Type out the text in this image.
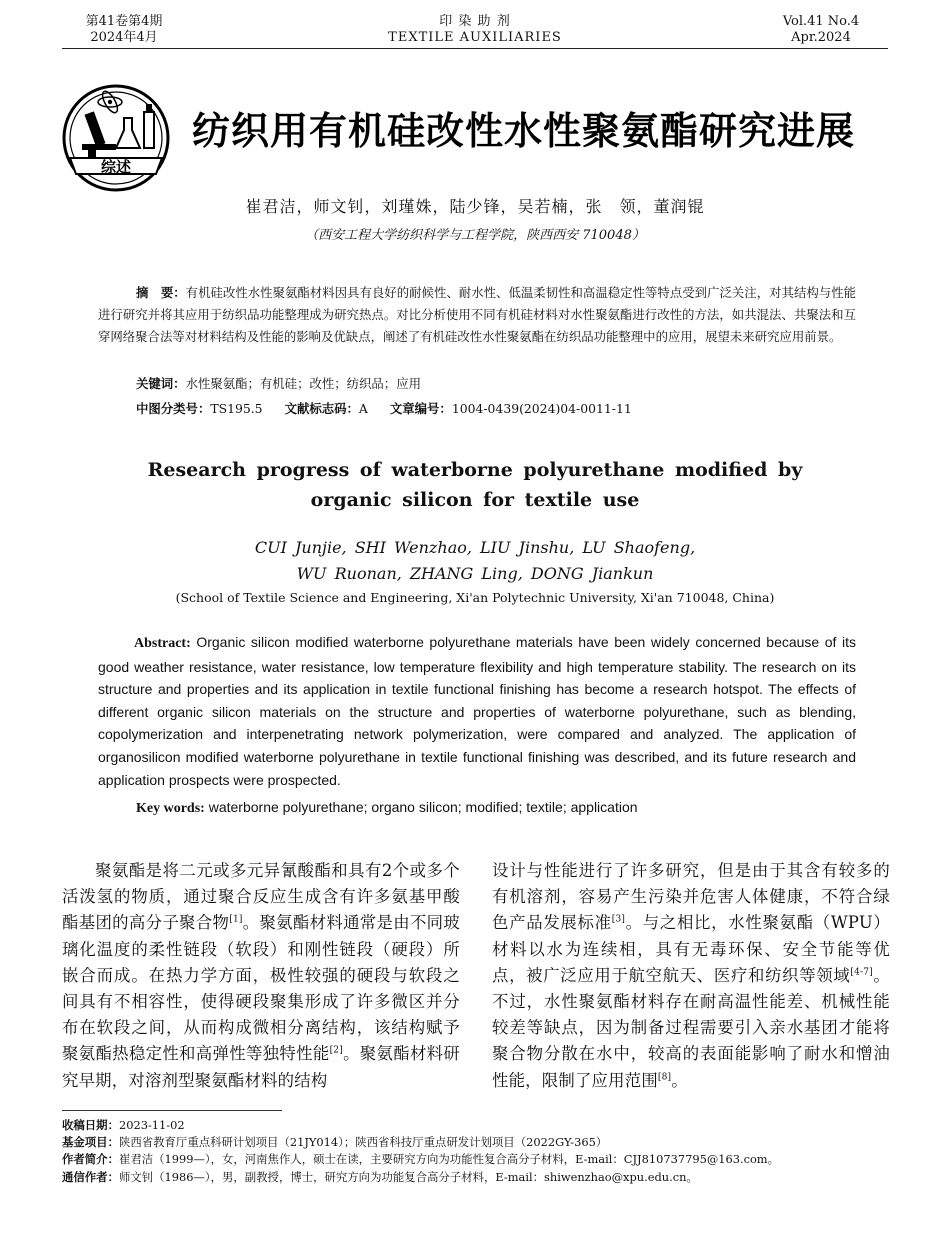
第41卷第4期
2024年4月
印 染 助 剂
TEXTILE AUXILIARIES
Vol.41 No.4
Apr.2024
综述
纺织用有机硅改性水性聚氨酯研究进展
崔君洁，师文钊，刘瑾姝，陆少锋，吴若楠，张　领，董润锟
（西安工程大学纺织科学与工程学院，陕西西安 710048）
摘　要：有机硅改性水性聚氨酯材料因具有良好的耐候性、耐水性、低温柔韧性和高温稳定性等特点受到广泛关注，对其结构与性能进行研究并将其应用于纺织品功能整理成为研究热点。对比分析使用不同有机硅材料对水性聚氨酯进行改性的方法，如共混法、共聚法和互穿网络聚合法等对材料结构及性能的影响及优缺点，阐述了有机硅改性水性聚氨酯在纺织品功能整理中的应用，展望未来研究应用前景。
关键词：水性聚氨酯；有机硅；改性；纺织品；应用
中图分类号：TS195.5 文献标志码：A 文章编号：1004-0439(2024)04-0011-11
Research progress of waterborne polyurethane modified by
organic silicon for textile use
CUI Junjie, SHI Wenzhao, LIU Jinshu, LU Shaofeng,
WU Ruonan, ZHANG Ling, DONG Jiankun
(School of Textile Science and Engineering, Xi'an Polytechnic University, Xi'an 710048, China)
Abstract: Organic silicon modified waterborne polyurethane materials have been widely concerned because of its good weather resistance, water resistance, low temperature flexibility and high temperature stability. The research on its structure and properties and its application in textile functional finishing has become a research hotspot. The effects of different organic silicon materials on the structure and properties of waterborne polyurethane, such as blending, copolymerization and interpenetrating network polymerization, were compared and analyzed. The application of organosilicon modified waterborne polyurethane in textile functional finishing was described, and its future research and application prospects were prospected.
Key words: waterborne polyurethane; organo silicon; modified; textile; application
聚氨酯是将二元或多元异氰酸酯和具有2个或多个活泼氢的物质，通过聚合反应生成含有许多氨基甲酸酯基团的高分子聚合物[1]。聚氨酯材料通常是由不同玻璃化温度的柔性链段（软段）和刚性链段（硬段）所嵌合而成。在热力学方面，极性较强的硬段与软段之间具有不相容性，使得硬段聚集形成了许多微区并分布在软段之间，从而构成微相分离结构，该结构赋予聚氨酯热稳定性和高弹性等独特性能[2]。聚氨酯材料研究早期，对溶剂型聚氨酯材料的结构
设计与性能进行了许多研究，但是由于其含有较多的有机溶剂，容易产生污染并危害人体健康，不符合绿色产品发展标准[3]。与之相比，水性聚氨酯（WPU）材料以水为连续相，具有无毒环保、安全节能等优点，被广泛应用于航空航天、医疗和纺织等领域[4-7]。不过，水性聚氨酯材料存在耐高温性能差、机械性能较差等缺点，因为制备过程需要引入亲水基团才能将聚合物分散在水中，较高的表面能影响了耐水和憎油性能，限制了应用范围[8]。
收稿日期：2023-11-02
基金项目：陕西省教育厅重点科研计划项目（21JY014）；陕西省科技厅重点研发计划项目（2022GY-365）
作者简介：崔君洁（1999—），女，河南焦作人，硕士在读，主要研究方向为功能性复合高分子材料，E-mail：CJJ810737795@163.com。
通信作者：师文钊（1986—），男，副教授，博士，研究方向为功能复合高分子材料，E-mail：shiwenzhao@xpu.edu.cn。
